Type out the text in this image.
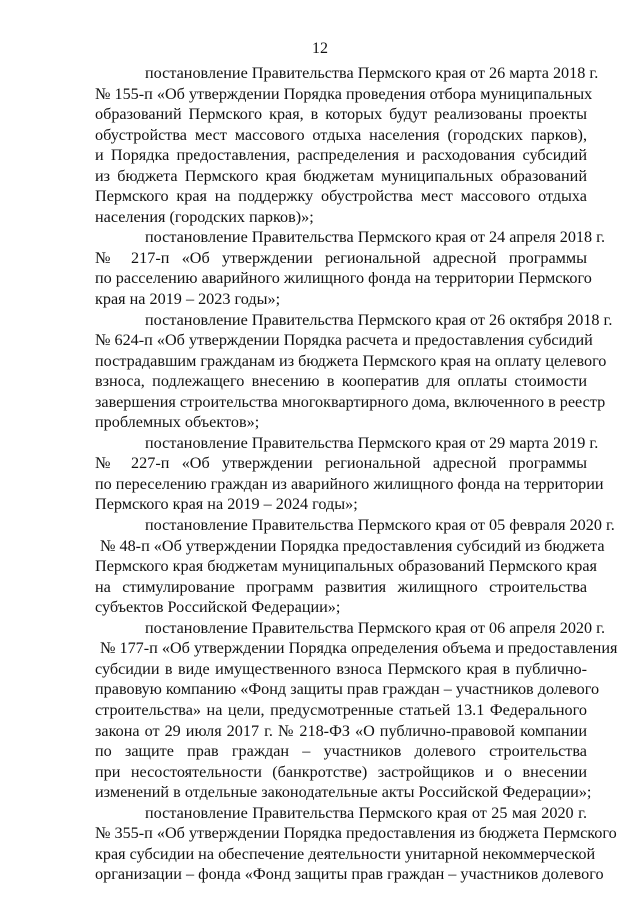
12
постановление Правительства Пермского края от 26 марта 2018 г.
№ 155-п «Об утверждении Порядка проведения отбора муниципальных
образований Пермского края, в которых будут реализованы проекты
обустройства мест массового отдыха населения (городских парков),
и Порядка предоставления, распределения и расходования субсидий
из бюджета Пермского края бюджетам муниципальных образований
Пермского края на поддержку обустройства мест массового отдыха
населения (городских парков)»;
постановление Правительства Пермского края от 24 апреля 2018 г.
№ 217-п «Об утверждении региональной адресной программы
по расселению аварийного жилищного фонда на территории Пермского
края на 2019 – 2023 годы»;
постановление Правительства Пермского края от 26 октября 2018 г.
№ 624-п «Об утверждении Порядка расчета и предоставления субсидий
пострадавшим гражданам из бюджета Пермского края на оплату целевого
взноса, подлежащего внесению в кооператив для оплаты стоимости
завершения строительства многоквартирного дома, включенного в реестр
проблемных объектов»;
постановление Правительства Пермского края от 29 марта 2019 г.
№ 227-п «Об утверждении региональной адресной программы
по переселению граждан из аварийного жилищного фонда на территории
Пермского края на 2019 – 2024 годы»;
постановление Правительства Пермского края от 05 февраля 2020 г.
№ 48-п «Об утверждении Порядка предоставления субсидий из бюджета
Пермского края бюджетам муниципальных образований Пермского края
на стимулирование программ развития жилищного строительства
субъектов Российской Федерации»;
постановление Правительства Пермского края от 06 апреля 2020 г.
№ 177-п «Об утверждении Порядка определения объема и предоставления
субсидии в виде имущественного взноса Пермского края в публично-
правовую компанию «Фонд защиты прав граждан – участников долевого
строительства» на цели, предусмотренные статьей 13.1 Федерального
закона от 29 июля 2017 г. № 218-ФЗ «О публично-правовой компании
по защите прав граждан – участников долевого строительства
при несостоятельности (банкротстве) застройщиков и о внесении
изменений в отдельные законодательные акты Российской Федерации»;
постановление Правительства Пермского края от 25 мая 2020 г.
№ 355-п «Об утверждении Порядка предоставления из бюджета Пермского
края субсидии на обеспечение деятельности унитарной некоммерческой
организации – фонда «Фонд защиты прав граждан – участников долевого
